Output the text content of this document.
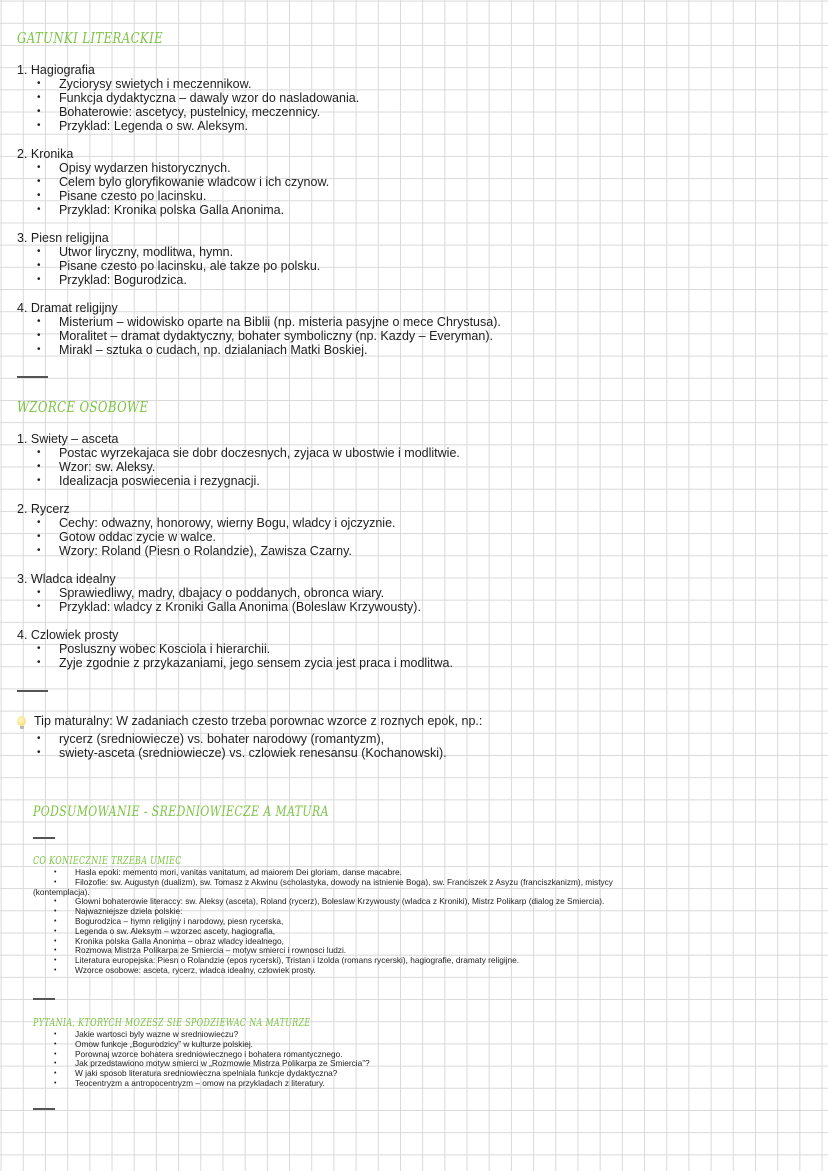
GATUNKI LITERACKIE
1. Hagiografia
• Zyciorysy swietych i meczennikow.
• Funkcja dydaktyczna – dawaly wzor do nasladowania.
• Bohaterowie: ascetycy, pustelnicy, meczennicy.
• Przyklad: Legenda o sw. Aleksym.
2. Kronika
• Opisy wydarzen historycznych.
• Celem bylo gloryfikowanie wladcow i ich czynow.
• Pisane czesto po lacinsku.
• Przyklad: Kronika polska Galla Anonima.
3. Piesn religijna
• Utwor liryczny, modlitwa, hymn.
• Pisane czesto po lacinsku, ale takze po polsku.
• Przyklad: Bogurodzica.
4. Dramat religijny
• Misterium – widowisko oparte na Biblii (np. misteria pasyjne o mece Chrystusa).
• Moralitet – dramat dydaktyczny, bohater symboliczny (np. Kazdy – Everyman).
• Mirakl – sztuka o cudach, np. dzialaniach Matki Boskiej.
WZORCE OSOBOWE
1. Swiety – asceta
• Postac wyrzekajaca sie dobr doczesnych, zyjaca w ubostwie i modlitwie.
• Wzor: sw. Aleksy.
• Idealizacja poswiecenia i rezygnacji.
2. Rycerz
• Cechy: odwazny, honorowy, wierny Bogu, wladcy i ojczyznie.
• Gotow oddac zycie w walce.
• Wzory: Roland (Piesn o Rolandzie), Zawisza Czarny.
3. Wladca idealny
• Sprawiedliwy, madry, dbajacy o poddanych, obronca wiary.
• Przyklad: wladcy z Kroniki Galla Anonima (Boleslaw Krzywousty).
4. Czlowiek prosty
• Posluszny wobec Kosciola i hierarchii.
• Zyje zgodnie z przykazaniami, jego sensem zycia jest praca i modlitwa.
Tip maturalny: W zadaniach czesto trzeba porownac wzorce z roznych epok, np.:
• rycerz (sredniowiecze) vs. bohater narodowy (romantyzm),
• swiety-asceta (sredniowiecze) vs. czlowiek renesansu (Kochanowski).
PODSUMOWANIE - SREDNIOWIECZE A MATURA
CO KONIECZNIE TRZEBA UMIEC
• Hasla epoki: memento mori, vanitas vanitatum, ad maiorem Dei gloriam, danse macabre.
• Filozofie: sw. Augustyn (dualizm), sw. Tomasz z Akwinu (scholastyka, dowody na istnienie Boga), sw. Franciszek z Asyzu (franciszkanizm), mistycy
(kontemplacja).
• Glowni bohaterowie literaccy: sw. Aleksy (asceta), Roland (rycerz), Boleslaw Krzywousty (wladca z Kroniki), Mistrz Polikarp (dialog ze Smiercia).
• Najwazniejsze dziela polskie:
• Bogurodzica – hymn religijny i narodowy, piesn rycerska,
• Legenda o sw. Aleksym – wzorzec ascety, hagiografia,
• Kronika polska Galla Anonima – obraz wladcy idealnego,
• Rozmowa Mistrza Polikarpa ze Smiercia – motyw smierci i rownosci ludzi.
• Literatura europejska: Piesn o Rolandzie (epos rycerski), Tristan i Izolda (romans rycerski), hagiografie, dramaty religijne.
• Wzorce osobowe: asceta, rycerz, wladca idealny, czlowiek prosty.
PYTANIA, KTORYCH MOZESZ SIE SPODZIEWAC NA MATURZE
• Jakie wartosci byly wazne w sredniowieczu?
• Omow funkcje „Bogurodzicy” w kulturze polskiej.
• Porownaj wzorce bohatera sredniowiecznego i bohatera romantycznego.
• Jak przedstawiono motyw smierci w „Rozmowie Mistrza Polikarpa ze Smiercia”?
• W jaki sposob literatura sredniowieczna spelniala funkcje dydaktyczna?
• Teocentryzm a antropocentryzm – omow na przykladach z literatury.
